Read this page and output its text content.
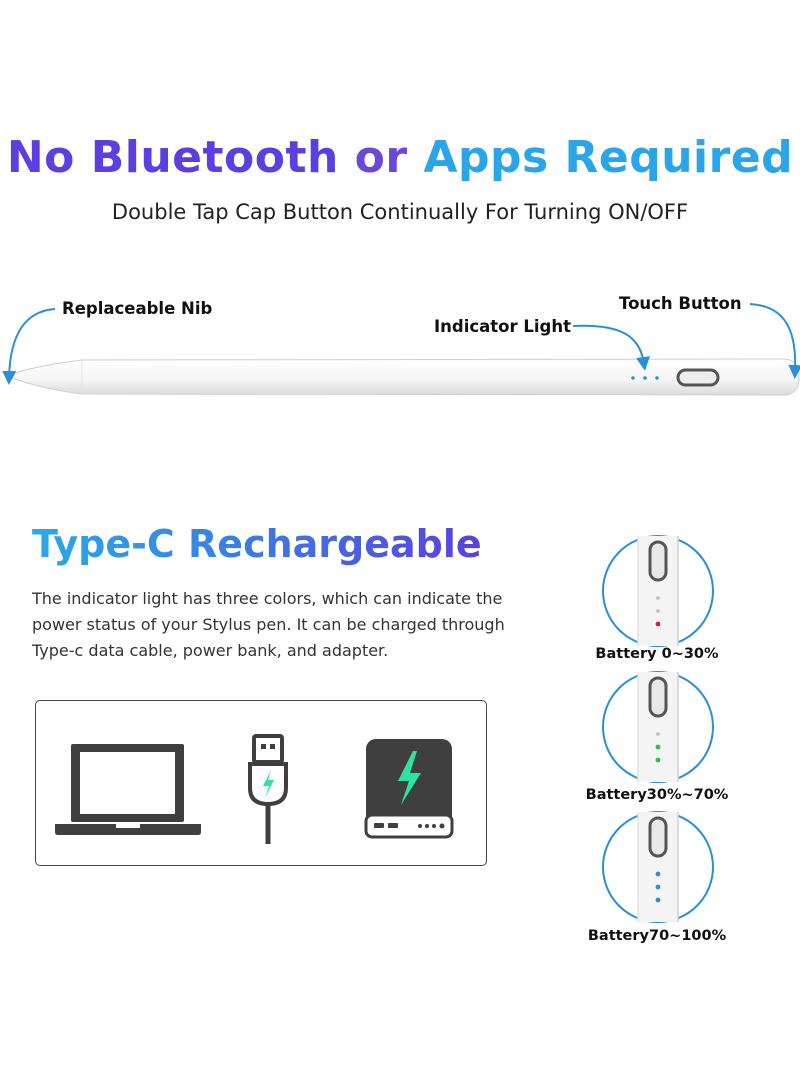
No Bluetooth or Apps Required

Double Tap Cap Button Continually For Turning ON/OFF

Replaceable Nib
Indicator Light
Touch Button
Type-C Rechargeable

The indicator light has three colors, which can indicate the power status of your Stylus pen. It can be charged through Type-c data cable, power bank, and adapter.	Battery 0~30%
Battery30%~70%
Battery70~100%
